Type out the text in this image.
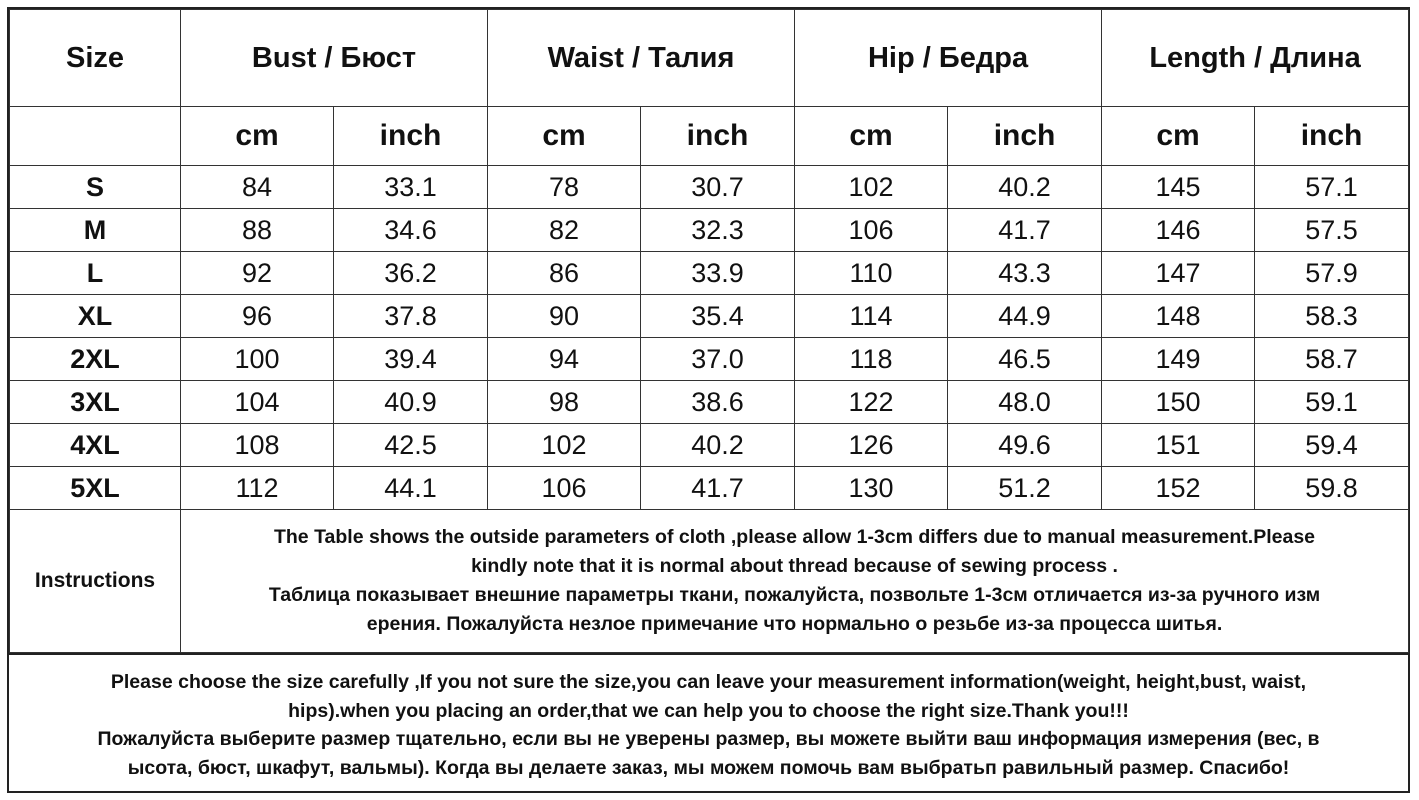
Size	Bust / Бюст		Waist / Талия		Hip / Бедра		Length / Длина	
	cm	inch	cm	inch	cm	inch	cm	inch
S	84	33.1	78	30.7	102	40.2	145	57.1
M	88	34.6	82	32.3	106	41.7	146	57.5
L	92	36.2	86	33.9	110	43.3	147	57.9
XL	96	37.8	90	35.4	114	44.9	148	58.3
2XL	100	39.4	94	37.0	118	46.5	149	58.7
3XL	104	40.9	98	38.6	122	48.0	150	59.1
4XL	108	42.5	102	40.2	126	49.6	151	59.4
5XL	112	44.1	106	41.7	130	51.2	152	59.8
Instructions	The Table shows the outside parameters of cloth ,please allow 1-3cm differs due to manual measurement.Please
kindly note that it is normal about thread because of sewing process .
Таблица показывает внешние параметры ткани, пожалуйста, позвольте 1-3см отличается из-за ручного изм
ерения. Пожалуйста незлое примечание что нормально о резьбе из-за процесса шитья.							
Please choose the size carefully ,If you not sure the size,you can leave your measurement information(weight, height,bust, waist,
hips).when you placing an order,that we can help you to choose the right size.Thank you!!!
Пожалуйста выберите размер тщательно, если вы не уверены размер, вы можете выйти ваш информация измерения (вес, в
ысота, бюст, шкафут, вальмы). Когда вы делаете заказ, мы можем помочь вам выбратьп равильный размер. Спасибо!
